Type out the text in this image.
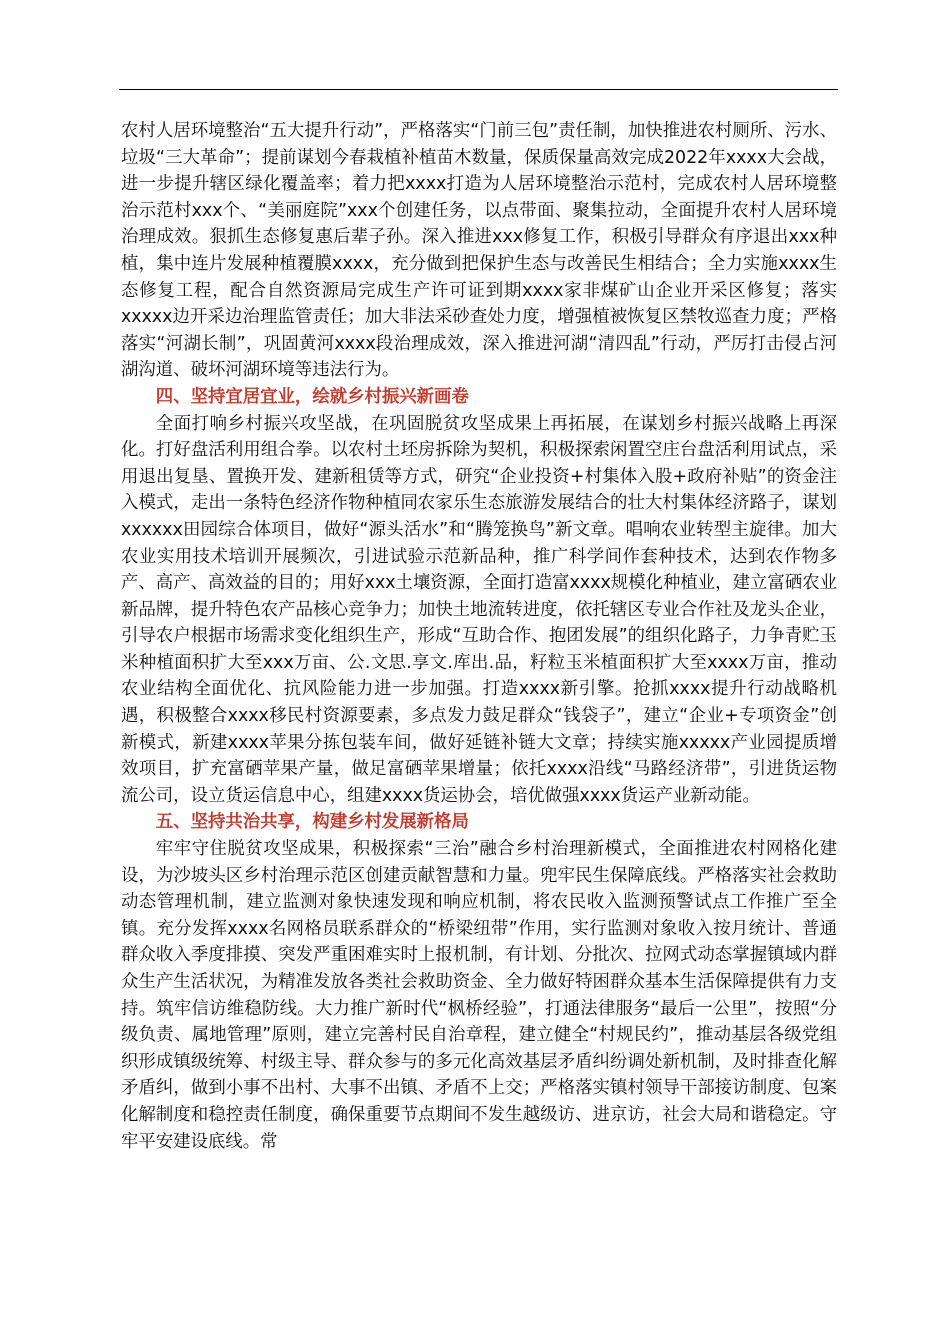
农村人居环境整治“五大提升行动”，严格落实“门前三包”责任制，加快推进农村厕所、污水、垃圾“三大革命”；提前谋划今春栽植补植苗木数量，保质保量高效完成2022年xxxx大会战，进一步提升辖区绿化覆盖率；着力把xxxx打造为人居环境整治示范村，完成农村人居环境整治示范村xxx个、“美丽庭院”xxx个创建任务，以点带面、聚集拉动，全面提升农村人居环境治理成效。狠抓生态修复惠后辈子孙。深入推进xxx修复工作，积极引导群众有序退出xxx种植，集中连片发展种植覆膜xxxx，充分做到把保护生态与改善民生相结合；全力实施xxxx生态修复工程，配合自然资源局完成生产许可证到期xxxx家非煤矿山企业开采区修复；落实xxxxx边开采边治理监管责任；加大非法采砂查处力度，增强植被恢复区禁牧巡查力度；严格落实“河湖长制”，巩固黄河xxxx段治理成效，深入推进河湖“清四乱”行动，严厉打击侵占河湖沟道、破坏河湖环境等违法行为。

四、坚持宜居宜业，绘就乡村振兴新画卷

全面打响乡村振兴攻坚战，在巩固脱贫攻坚成果上再拓展，在谋划乡村振兴战略上再深化。打好盘活利用组合拳。以农村土坯房拆除为契机，积极探索闲置空庄台盘活利用试点，采用退出复垦、置换开发、建新租赁等方式，研究“企业投资+村集体入股+政府补贴”的资金注入模式，走出一条特色经济作物种植同农家乐生态旅游发展结合的壮大村集体经济路子，谋划xxxxxx田园综合体项目，做好“源头活水”和“腾笼换鸟”新文章。唱响农业转型主旋律。加大农业实用技术培训开展频次，引进试验示范新品种，推广科学间作套种技术，达到农作物多产、高产、高效益的目的；用好xxx土壤资源，全面打造富xxxx规模化种植业，建立富硒农业新品牌，提升特色农产品核心竞争力；加快土地流转进度，依托辖区专业合作社及龙头企业，引导农户根据市场需求变化组织生产，形成“互助合作、抱团发展”的组织化路子，力争青贮玉米种植面积扩大至xxx万亩、公.文思.享文.库出.品，籽粒玉米植面积扩大至xxxx万亩，推动农业结构全面优化、抗风险能力进一步加强。打造xxxx新引擎。抢抓xxxx提升行动战略机遇，积极整合xxxx移民村资源要素，多点发力鼓足群众“钱袋子”，建立“企业+专项资金”创新模式，新建xxxx苹果分拣包装车间，做好延链补链大文章；持续实施xxxxx产业园提质增效项目，扩充富硒苹果产量，做足富硒苹果增量；依托xxxx沿线“马路经济带”，引进货运物流公司，设立货运信息中心，组建xxxx货运协会，培优做强xxxx货运产业新动能。

五、坚持共治共享，构建乡村发展新格局

牢牢守住脱贫攻坚成果，积极探索“三治”融合乡村治理新模式，全面推进农村网格化建设，为沙坡头区乡村治理示范区创建贡献智慧和力量。兜牢民生保障底线。严格落实社会救助动态管理机制，建立监测对象快速发现和响应机制，将农民收入监测预警试点工作推广至全镇。充分发挥xxxx名网格员联系群众的“桥梁纽带”作用，实行监测对象收入按月统计、普通群众收入季度排摸、突发严重困难实时上报机制，有计划、分批次、拉网式动态掌握镇域内群众生产生活状况，为精准发放各类社会救助资金、全力做好特困群众基本生活保障提供有力支持。筑牢信访维稳防线。大力推广新时代“枫桥经验”，打通法律服务“最后一公里”，按照“分级负责、属地管理”原则，建立完善村民自治章程，建立健全“村规民约”，推动基层各级党组织形成镇级统筹、村级主导、群众参与的多元化高效基层矛盾纠纷调处新机制，及时排查化解矛盾纠，做到小事不出村、大事不出镇、矛盾不上交；严格落实镇村领导干部接访制度、包案化解制度和稳控责任制度，确保重要节点期间不发生越级访、进京访，社会大局和谐稳定。守牢平安建设底线。常
